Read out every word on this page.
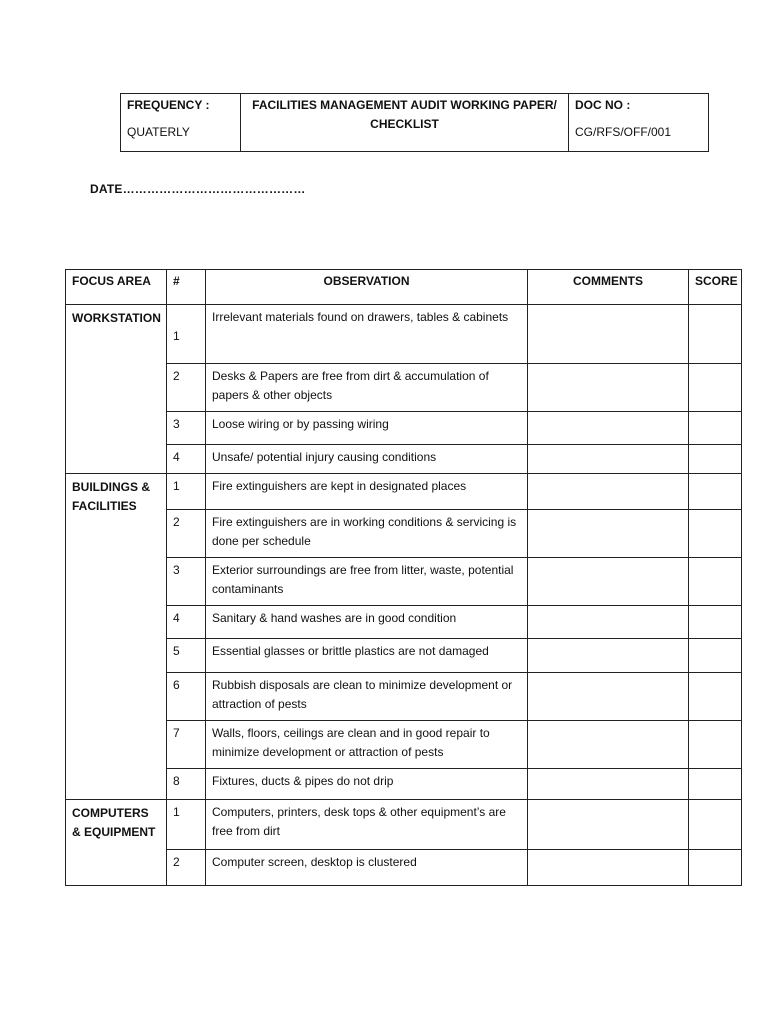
FREQUENCY :
QUATERLY

FACILITIES MANAGEMENT AUDIT WORKING PAPER/
CHECKLIST

DOC NO :
CG/RFS/OFF/001
DATE………………………………………
FOCUS AREA	#	OBSERVATION	COMMENTS	SCORE
WORKSTATION	1	Irrelevant materials found on drawers, tables & cabinets		
	2	Desks & Papers are free from dirt & accumulation of papers & other objects		
	3	Loose wiring or by passing wiring		
	4	Unsafe/ potential injury causing conditions		
BUILDINGS & FACILITIES	1	Fire extinguishers are kept in designated places		
	2	Fire extinguishers are in working conditions & servicing is done per schedule		
	3	Exterior surroundings are free from litter, waste, potential contaminants		
	4	Sanitary & hand washes are in good condition		
	5	Essential glasses or brittle plastics are not damaged		
	6	Rubbish disposals are clean to minimize development or attraction of pests		
	7	Walls, floors, ceilings are clean and in good repair to minimize development or attraction of pests		
	8	Fixtures, ducts & pipes do not drip		
COMPUTERS & EQUIPMENT	1	Computers, printers, desk tops & other equipment’s are free from dirt		
	2	Computer screen, desktop is clustered		
